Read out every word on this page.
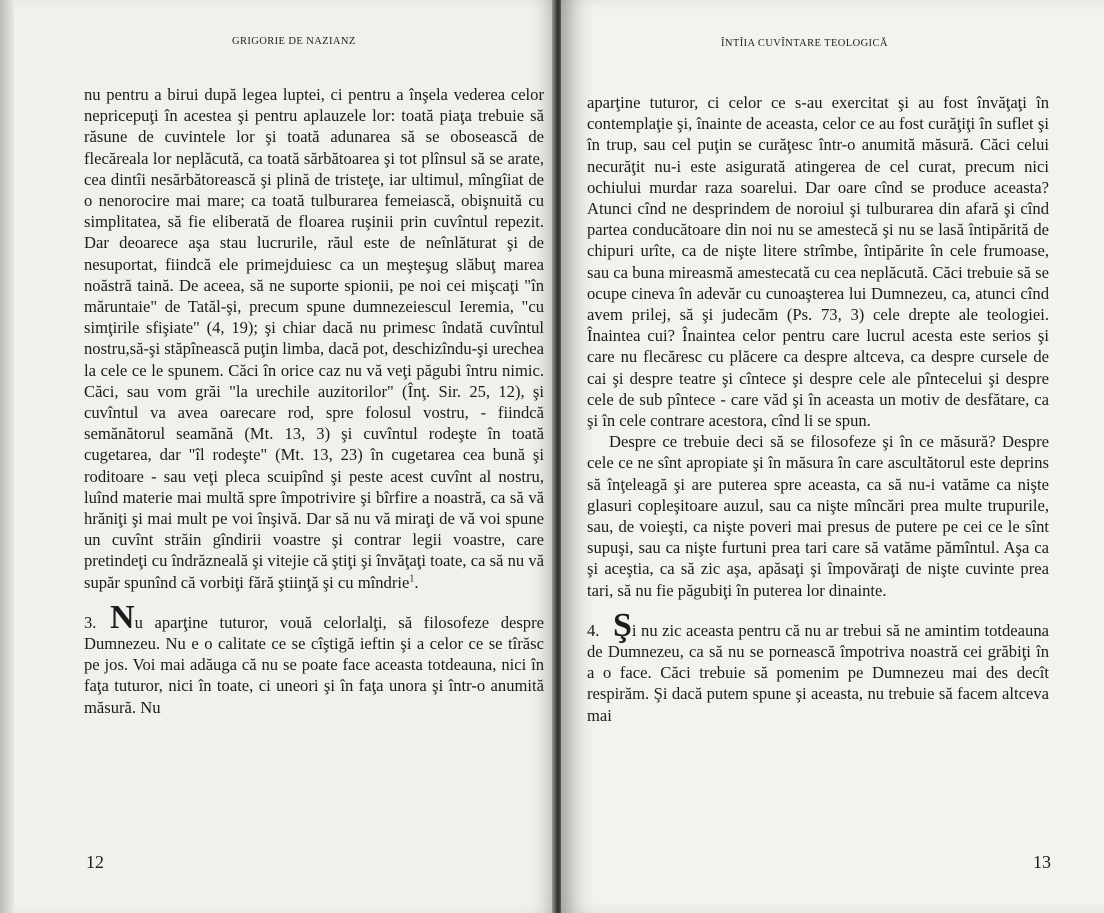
GRIGORIE DE NAZIANZ

nu pentru a birui după legea luptei, ci pentru a înşela vederea celor nepricepuţi în acestea şi pentru aplauzele lor: toată piaţa trebuie să răsune de cuvintele lor şi toată adunarea să se obosească de flecăreala lor neplăcută, ca toată sărbătoarea şi tot plînsul să se arate, cea dintîi nesărbătorească şi plină de tristeţe, iar ultimul, mîngîiat de o nenorocire mai mare; ca toată tulburarea femeiască, obişnuită cu simplitatea, să fie eliberată de floarea ruşinii prin cuvîntul repezit. Dar deoarece aşa stau lucrurile, răul este de neînlăturat şi de nesuportat, fiindcă ele primejduiesc ca un meşteşug slăbuţ marea noăstră taină. De aceea, să ne suporte spionii, pe noi cei mişcaţi "în măruntaie" de Tatăl-şi, precum spune dumnezeiescul Ieremia, "cu simţirile sfişiate" (4, 19); şi chiar dacă nu primesc îndată cuvîntul nostru,să-şi stăpînească puţin limba, dacă pot, deschizîndu-şi urechea la cele ce le spunem. Căci în orice caz nu vă veţi păgubi întru nimic. Căci, sau vom grăi "la urechile auzitorilor" (Înţ. Sir. 25, 12), şi cuvîntul va avea oarecare rod, spre folosul vostru, - fiindcă semănătorul seamănă (Mt. 13, 3) şi cuvîntul rodeşte în toată cugetarea, dar "îl rodeşte" (Mt. 13, 23) în cugetarea cea bună şi roditoare - sau veţi pleca scuipînd şi peste acest cuvînt al nostru, luînd materie mai multă spre împotrivire şi bîrfire a noastră, ca să vă hrăniţi şi mai mult pe voi înşivă. Dar să nu vă miraţi de vă voi spune un cuvînt străin gîndirii voastre şi contrar legii voastre, care pretindeţi cu îndrăzneală şi vitejie că ştiţi şi învăţaţi toate, ca să nu vă supăr spunînd că vorbiţi fără ştiinţă şi cu mîndrie$^1$.

3. Nu aparţine tuturor, vouă celorlalţi, să filosofeze despre Dumnezeu. Nu e o calitate ce se cîştigă ieftin şi a celor ce se tîrăsc pe jos. Voi mai adăuga că nu se poate face aceasta totdeauna, nici în faţa tuturor, nici în toate, ci uneori şi în faţa unora şi într-o anumită măsură. Nu

12
ÎNTÎIA CUVÎNTARE TEOLOGICĂ

aparţine tuturor, ci celor ce s-au exercitat şi au fost învăţaţi în contemplaţie şi, înainte de aceasta, celor ce au fost curăţiţi în suflet şi în trup, sau cel puţin se curăţesc într-o anumită măsură. Căci celui necurăţit nu-i este asigurată atingerea de cel curat, precum nici ochiului murdar raza soarelui. Dar oare cînd se produce aceasta? Atunci cînd ne desprindem de noroiul şi tulburarea din afară şi cînd partea conducătoare din noi nu se amestecă şi nu se lasă întipărită de chipuri urîte, ca de nişte litere strîmbe, întipărite în cele frumoase, sau ca buna mireasmă amestecată cu cea neplăcută. Căci trebuie să se ocupe cineva în adevăr cu cunoaşterea lui Dumnezeu, ca, atunci cînd avem prilej, să şi judecăm (Ps. 73, 3) cele drepte ale teologiei. Înaintea cui? Înaintea celor pentru care lucrul acesta este serios şi care nu flecăresc cu plăcere ca despre altceva, ca despre cursele de cai şi despre teatre şi cîntece şi despre cele ale pîntecelui şi despre cele de sub pîntece - care văd şi în aceasta un motiv de desfătare, ca şi în cele contrare acestora, cînd li se spun.

Despre ce trebuie deci să se filosofeze şi în ce măsură? Despre cele ce ne sînt apropiate şi în măsura în care ascultătorul este deprins să înţeleagă şi are puterea spre aceasta, ca să nu-i vatăme ca nişte glasuri copleşitoare auzul, sau ca nişte mîncări prea multe trupurile, sau, de voieşti, ca nişte poveri mai presus de putere pe cei ce le sînt supuşi, sau ca nişte furtuni prea tari care să vatăme pămîntul. Aşa ca şi aceştia, ca să zic aşa, apăsaţi şi împovăraţi de nişte cuvinte prea tari, să nu fie păgubiţi în puterea lor dinainte.

4. Şi nu zic aceasta pentru că nu ar trebui să ne amintim totdeauna de Dumnezeu, ca să nu se pornească împotriva noastră cei grăbiţi în a o face. Căci trebuie să pomenim pe Dumnezeu mai des decît respirăm. Şi dacă putem spune şi aceasta, nu trebuie să facem altceva mai

13
